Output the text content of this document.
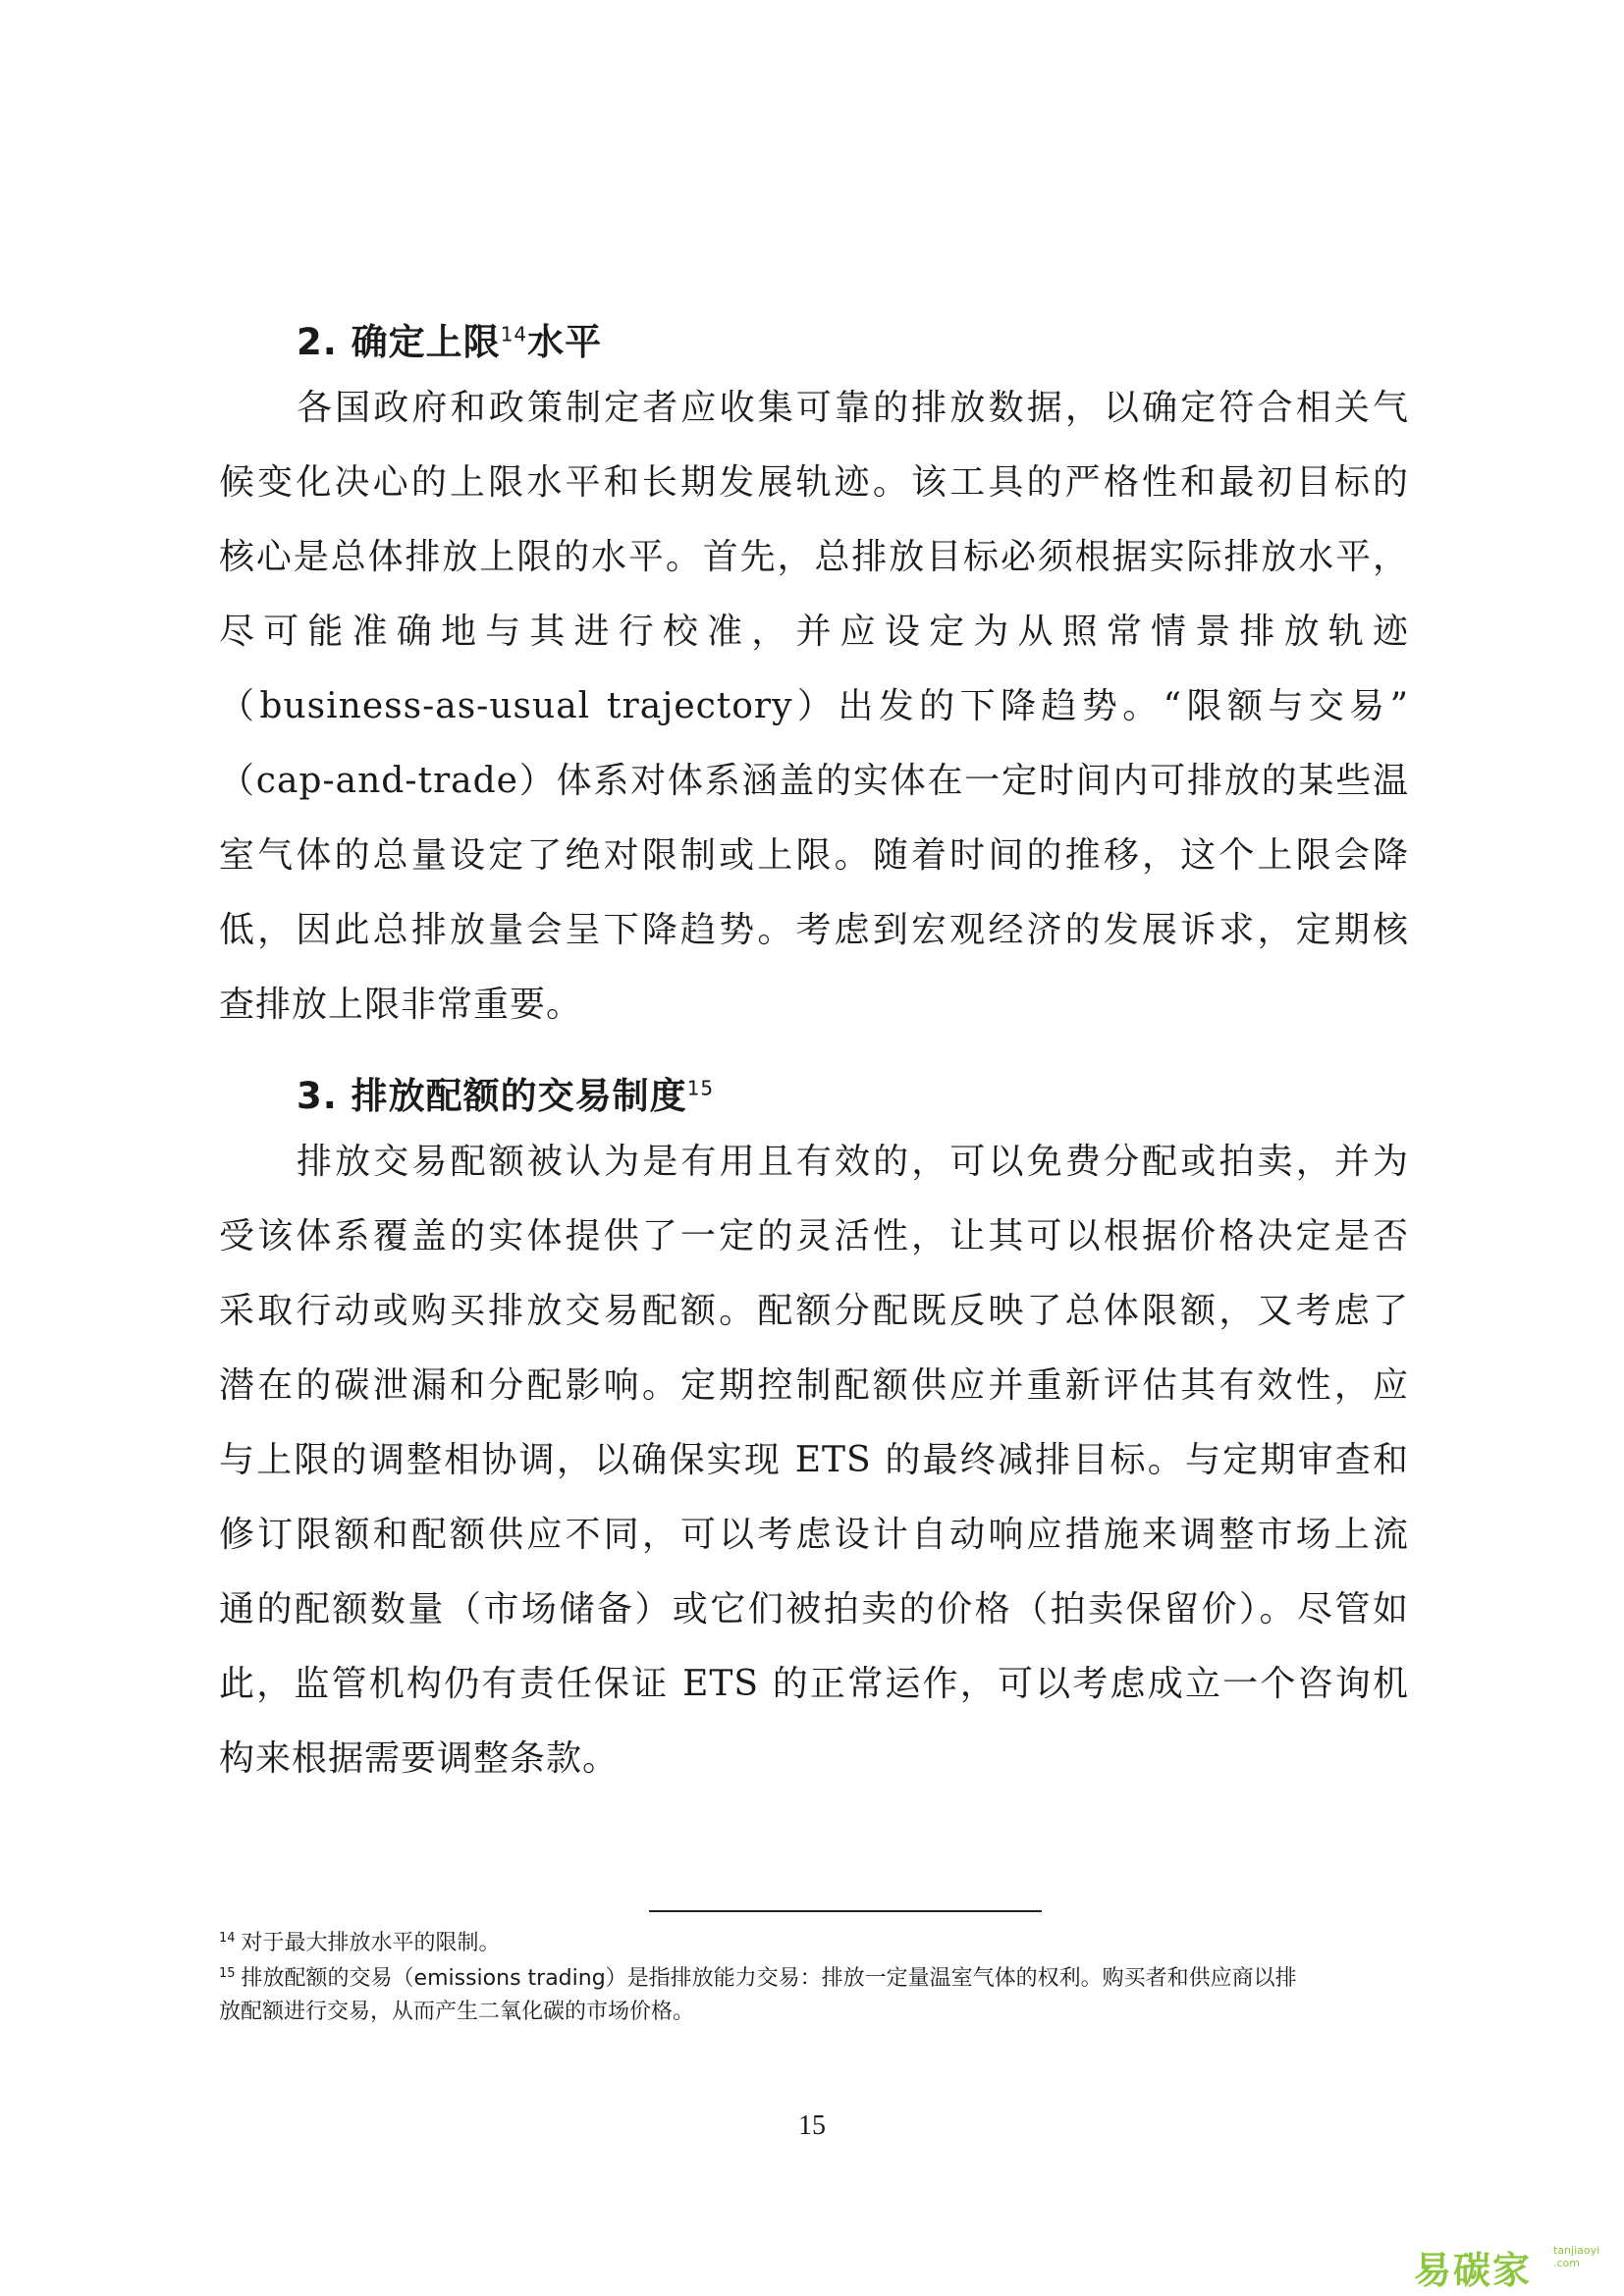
2. 确定上限$^{14}$水平
各国政府和政策制定者应收集可靠的排放数据，以确定符合相关气
候变化决心的上限水平和长期发展轨迹。该工具的严格性和最初目标的
核心是总体排放上限的水平。首先，总排放目标必须根据实际排放水平，
尽可能准确地与其进行校准，并应设定为从照常情景排放轨迹
（business-as-usual trajectory）出发的下降趋势。“限额与交易”
（cap-and-trade）体系对体系涵盖的实体在一定时间内可排放的某些温
室气体的总量设定了绝对限制或上限。随着时间的推移，这个上限会降
低，因此总排放量会呈下降趋势。考虑到宏观经济的发展诉求，定期核
查排放上限非常重要。
3. 排放配额的交易制度$^{15}$
排放交易配额被认为是有用且有效的，可以免费分配或拍卖，并为
受该体系覆盖的实体提供了一定的灵活性，让其可以根据价格决定是否
采取行动或购买排放交易配额。配额分配既反映了总体限额，又考虑了
潜在的碳泄漏和分配影响。定期控制配额供应并重新评估其有效性，应
与上限的调整相协调，以确保实现 ETS 的最终减排目标。与定期审查和
修订限额和配额供应不同，可以考虑设计自动响应措施来调整市场上流
通的配额数量（市场储备）或它们被拍卖的价格（拍卖保留价）。尽管如
此，监管机构仍有责任保证 ETS 的正常运作，可以考虑成立一个咨询机
构来根据需要调整条款。
$^{14}$ 对于最大排放水平的限制。
$^{15}$ 排放配额的交易（emissions trading）是指排放能力交易：排放一定量温室气体的权利。购买者和供应商以排
放配额进行交易，从而产生二氧化碳的市场价格。
15
易碳家 tanjiaoyi .com
